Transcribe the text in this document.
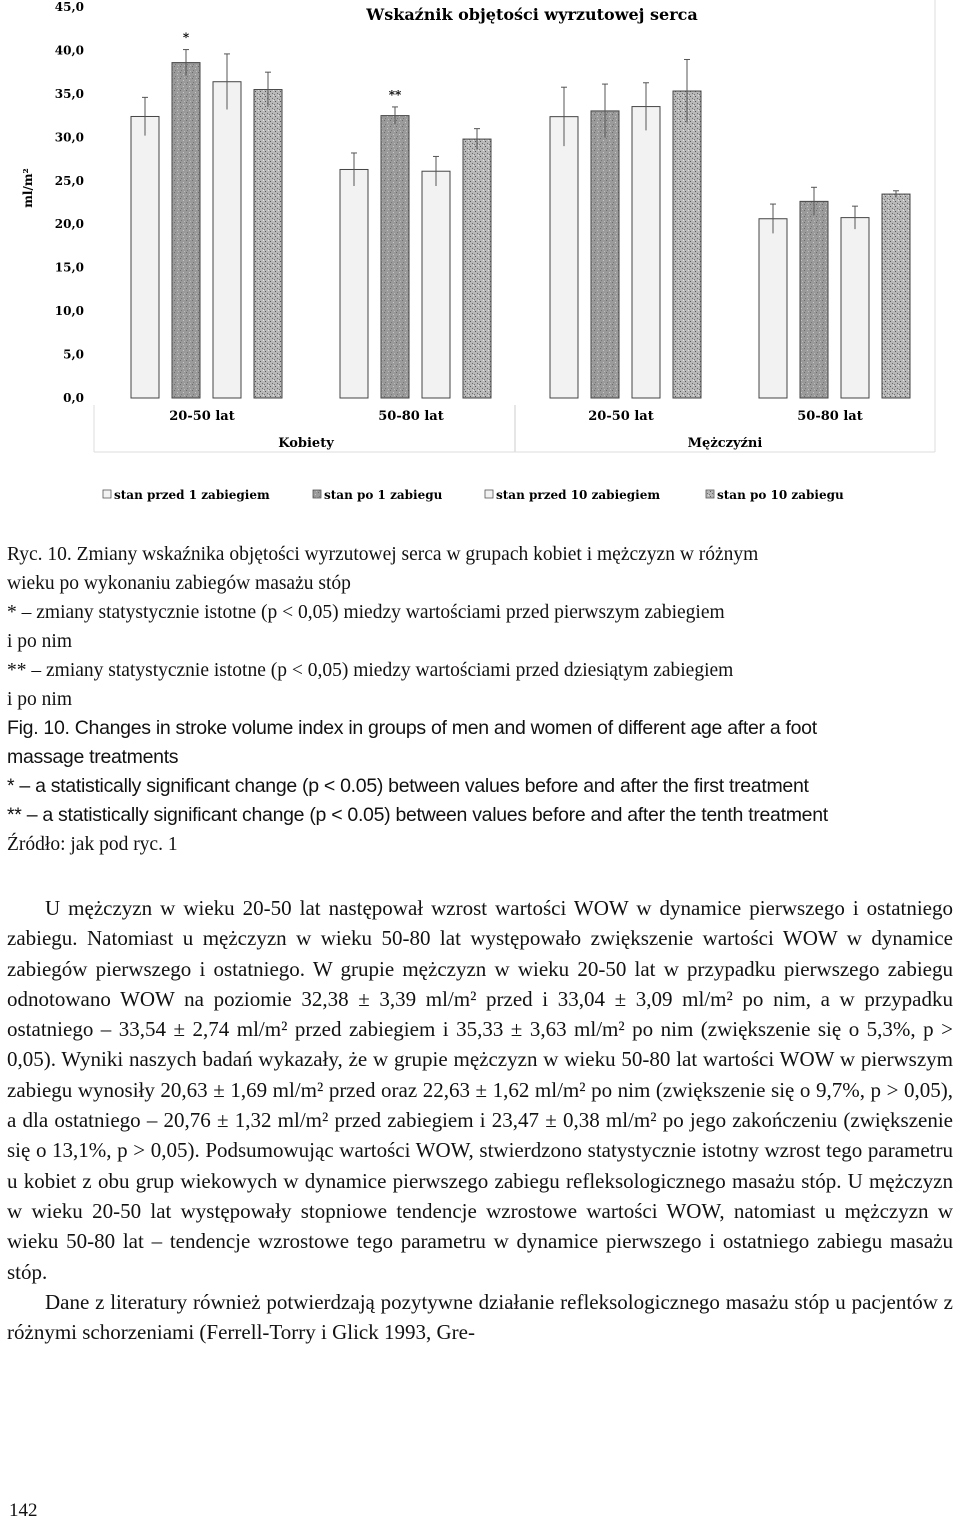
Wskaźnik objętości wyrzutowej serca
ml/m²
0,0
5,0
10,0
15,0
20,0
25,0
30,0
35,0
40,0
45,0
*
**
20-50 lat	50-80 lat	20-50 lat	50-80 lat
Kobiety	Mężczyźni
stan przed 1 zabiegiem	stan po 1 zabiegu	stan przed 10 zabiegiem	stan po 10 zabiegu
Ryc. 10. Zmiany wskaźnika objętości wyrzutowej serca w grupach kobiet i mężczyzn w różnym
wieku po wykonaniu zabiegów masażu stóp
* – zmiany statystycznie istotne (p < 0,05) miedzy wartościami przed pierwszym zabiegiem
i po nim
** – zmiany statystycznie istotne (p < 0,05) miedzy wartościami przed dziesiątym zabiegiem
i po nim
Fig. 10. Changes in stroke volume index in groups of men and women of different age after a foot
massage treatments
* – a statistically significant change (p < 0.05) between values before and after the first treatment
** – a statistically significant change (p < 0.05) between values before and after the tenth treatment
Źródło: jak pod ryc. 1

U mężczyzn w wieku 20-50 lat następował wzrost wartości WOW w dynamice pierwszego i ostatniego zabiegu. Natomiast u mężczyzn w wieku 50-80 lat występowało zwiększenie wartości WOW w dynamice zabiegów pierwszego i ostatniego. W grupie mężczyzn w wieku 20-50 lat w przypadku pierwszego zabiegu odnotowano WOW na poziomie 32,38 ± 3,39 ml/m² przed i 33,04 ± 3,09 ml/m² po nim, a w przypadku ostatniego – 33,54 ± 2,74 ml/m² przed zabiegiem i 35,33 ± 3,63 ml/m² po nim (zwiększenie się o 5,3%, p > 0,05). Wyniki naszych badań wykazały, że w grupie mężczyzn w wieku 50-80 lat wartości WOW w pierwszym zabiegu wynosiły 20,63 ± 1,69 ml/m² przed oraz 22,63 ± 1,62 ml/m² po nim (zwiększenie się o 9,7%, p > 0,05), a dla ostatniego – 20,76 ± 1,32 ml/m² przed zabiegiem i 23,47 ± 0,38 ml/m² po jego zakończeniu (zwiększenie się o 13,1%, p > 0,05). Podsumowując wartości WOW, stwierdzono statystycznie istotny wzrost tego parametru u kobiet z obu grup wiekowych w dynamice pierwszego zabiegu refleksologicznego masażu stóp. U mężczyzn w wieku 20-50 lat występowały stopniowe tendencje wzrostowe wartości WOW, natomiast u mężczyzn w wieku 50-80 lat – tendencje wzrostowe tego parametru w dynamice pierwszego i ostatniego zabiegu masażu stóp.

Dane z literatury również potwierdzają pozytywne działanie refleksologicznego masażu stóp u pacjentów z różnymi schorzeniami (Ferrell-Torry i Glick 1993, Gre-

142
